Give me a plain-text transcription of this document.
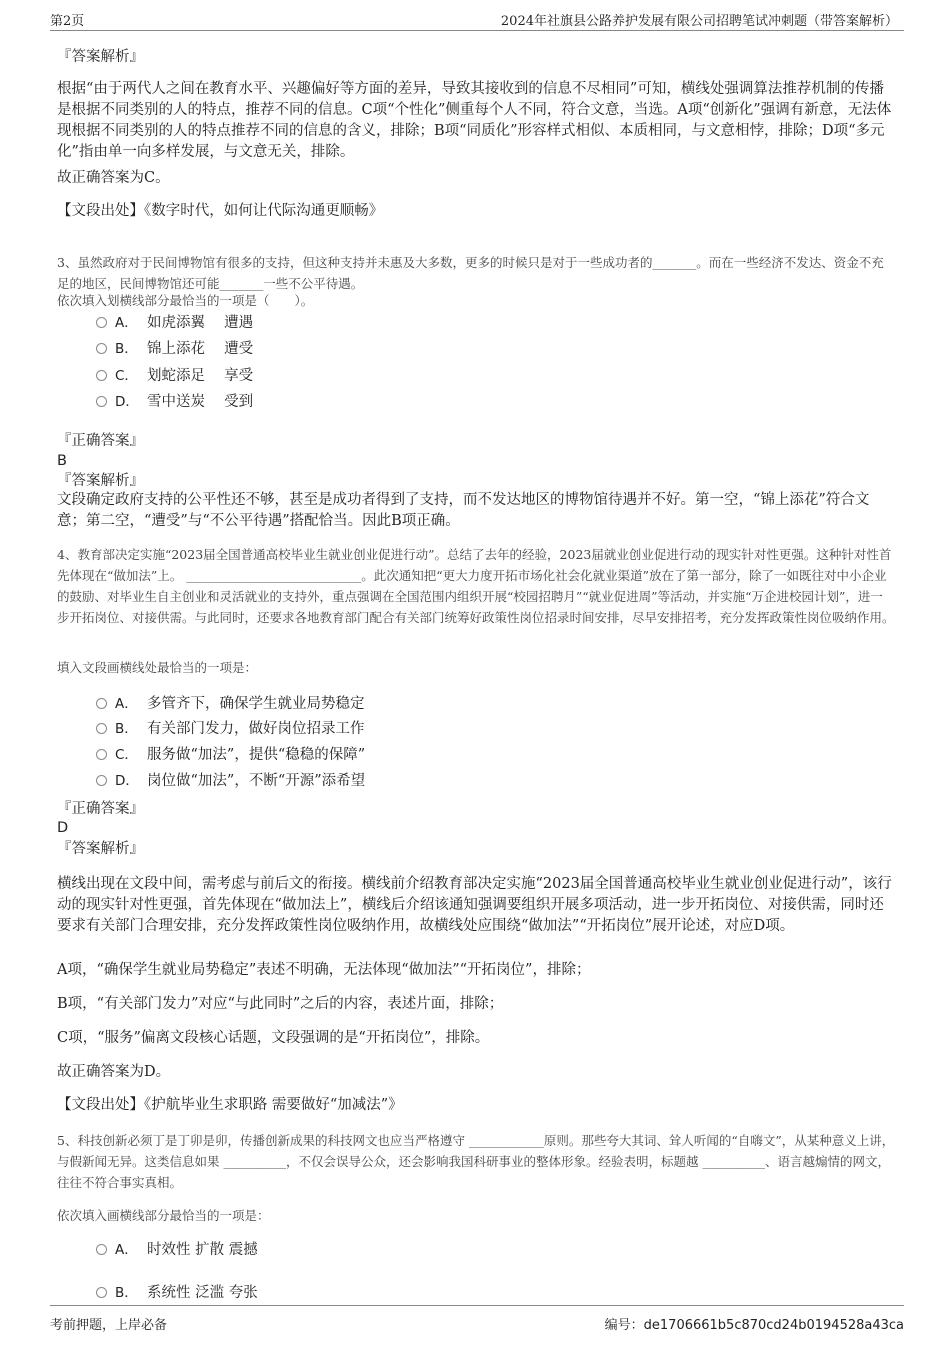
第2页	2024年社旗县公路养护发展有限公司招聘笔试冲刺题（带答案解析）

『答案解析』

根据“由于两代人之间在教育水平、兴趣偏好等方面的差异，导致其接收到的信息不尽相同”可知，横线处强调算法推荐机制的传播是根据不同类别的人的特点，推荐不同的信息。C项“个性化”侧重每个人不同，符合文意，当选。A项“创新化”强调有新意，无法体现根据不同类别的人的特点推荐不同的信息的含义，排除；B项“同质化”形容样式相似、本质相同，与文意相悖，排除；D项“多元化”指由单一向多样发展，与文意无关，排除。

故正确答案为C。

【文段出处】《数字时代，如何让代际沟通更顺畅》

3、虽然政府对于民间博物馆有很多的支持，但这种支持并未惠及大多数，更多的时候只是对于一些成功者的_______。而在一些经济不发达、资金不充足的地区，民间博物馆还可能_______一些不公平待遇。

依次填入划横线部分最恰当的一项是（　　）。

A． 如虎添翼　 遭遇
B． 锦上添花　 遭受
C． 划蛇添足　 享受
D． 雪中送炭　 受到

『正确答案』

B

『答案解析』

文段确定政府支持的公平性还不够，甚至是成功者得到了支持，而不发达地区的博物馆待遇并不好。第一空，“锦上添花”符合文意；第二空，“遭受”与“不公平待遇”搭配恰当。因此B项正确。

4、教育部决定实施“2023届全国普通高校毕业生就业创业促进行动”。总结了去年的经验，2023届就业创业促进行动的现实针对性更强。这种针对性首先体现在“做加法”上。 ____________________________。此次通知把“更大力度开拓市场化社会化就业渠道”放在了第一部分，除了一如既往对中小企业的鼓励、对毕业生自主创业和灵活就业的支持外，重点强调在全国范围内组织开展“校园招聘月”“就业促进周”等活动，并实施“万企进校园计划”，进一步开拓岗位、对接供需。与此同时，还要求各地教育部门配合有关部门统筹好政策性岗位招录时间安排，尽早安排招考，充分发挥政策性岗位吸纳作用。

填入文段画横线处最恰当的一项是：

A． 多管齐下，确保学生就业局势稳定
B． 有关部门发力，做好岗位招录工作
C． 服务做“加法”，提供“稳稳的保障”
D． 岗位做“加法”，不断“开源”添希望

『正确答案』

D

『答案解析』

横线出现在文段中间，需考虑与前后文的衔接。横线前介绍教育部决定实施“2023届全国普通高校毕业生就业创业促进行动”，该行动的现实针对性更强，首先体现在“做加法上”，横线后介绍该通知强调要组织开展多项活动，进一步开拓岗位、对接供需，同时还要求有关部门合理安排，充分发挥政策性岗位吸纳作用，故横线处应围绕“做加法”“开拓岗位”展开论述，对应D项。

A项，“确保学生就业局势稳定”表述不明确，无法体现“做加法”“开拓岗位”，排除；

B项，“有关部门发力”对应“与此同时”之后的内容，表述片面，排除；

C项，“服务”偏离文段核心话题，文段强调的是“开拓岗位”，排除。

故正确答案为D。

【文段出处】《护航毕业生求职路 需要做好“加减法”》

5、科技创新必须丁是丁卯是卯，传播创新成果的科技网文也应当严格遵守 ____________原则。那些夸大其词、耸人听闻的“自嗨文”，从某种意义上讲，与假新闻无异。这类信息如果 __________，不仅会误导公众，还会影响我国科研事业的整体形象。经验表明，标题越 __________、语言越煽情的网文，往往不符合事实真相。

依次填入画横线部分最恰当的一项是：

A． 时效性 扩散 震撼
B． 系统性 泛滥 夸张
考前押题，上岸必备	编号：de1706661b5c870cd24b0194528a43ca
